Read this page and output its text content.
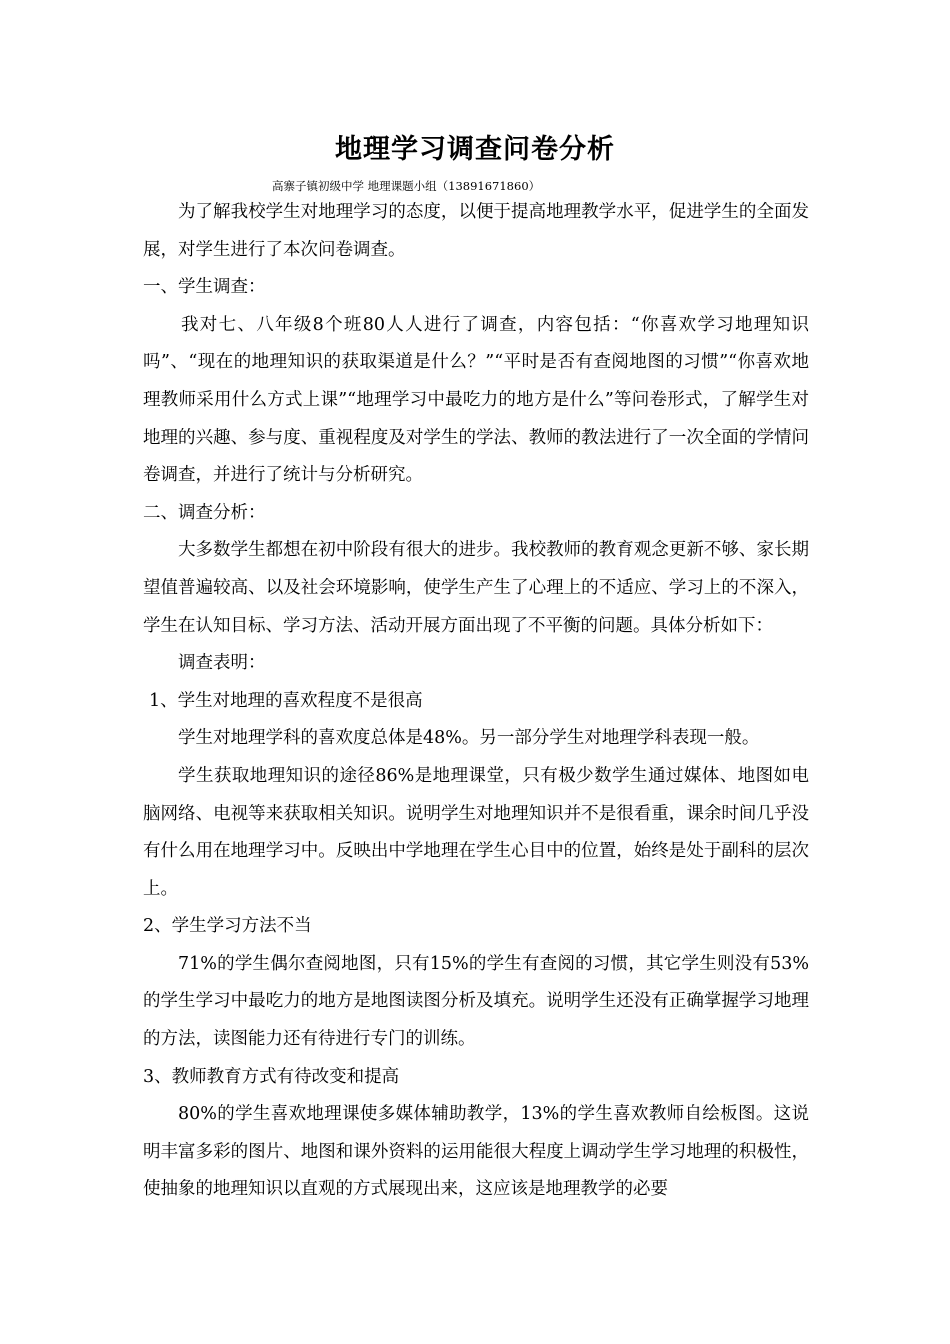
地理学习调查问卷分析
高寨子镇初级中学 地理课题小组（13891671860）

为了解我校学生对地理学习的态度，以便于提高地理教学水平，促进学生的全面发展，对学生进行了本次问卷调查。

一、学生调查：

我对七、八年级8个班80人人进行了调查，内容包括：“你喜欢学习地理知识吗”、“现在的地理知识的获取渠道是什么？”“平时是否有查阅地图的习惯”“你喜欢地理教师采用什么方式上课”“地理学习中最吃力的地方是什么”等问卷形式，了解学生对地理的兴趣、参与度、重视程度及对学生的学法、教师的教法进行了一次全面的学情问卷调查，并进行了统计与分析研究。

二、调查分析：

大多数学生都想在初中阶段有很大的进步。我校教师的教育观念更新不够、家长期望值普遍较高、以及社会环境影响，使学生产生了心理上的不适应、学习上的不深入，学生在认知目标、学习方法、活动开展方面出现了不平衡的问题。具体分析如下：

调查表明：

1、学生对地理的喜欢程度不是很高

学生对地理学科的喜欢度总体是48%。另一部分学生对地理学科表现一般。

学生获取地理知识的途径86%是地理课堂，只有极少数学生通过媒体、地图如电脑网络、电视等来获取相关知识。说明学生对地理知识并不是很看重，课余时间几乎没有什么用在地理学习中。反映出中学地理在学生心目中的位置，始终是处于副科的层次上。

2、学生学习方法不当

71%的学生偶尔查阅地图，只有15%的学生有查阅的习惯，其它学生则没有53%的学生学习中最吃力的地方是地图读图分析及填充。说明学生还没有正确掌握学习地理的方法，读图能力还有待进行专门的训练。

3、教师教育方式有待改变和提高

80%的学生喜欢地理课使多媒体辅助教学，13%的学生喜欢教师自绘板图。这说明丰富多彩的图片、地图和课外资料的运用能很大程度上调动学生学习地理的积极性，使抽象的地理知识以直观的方式展现出来，这应该是地理教学的必要
